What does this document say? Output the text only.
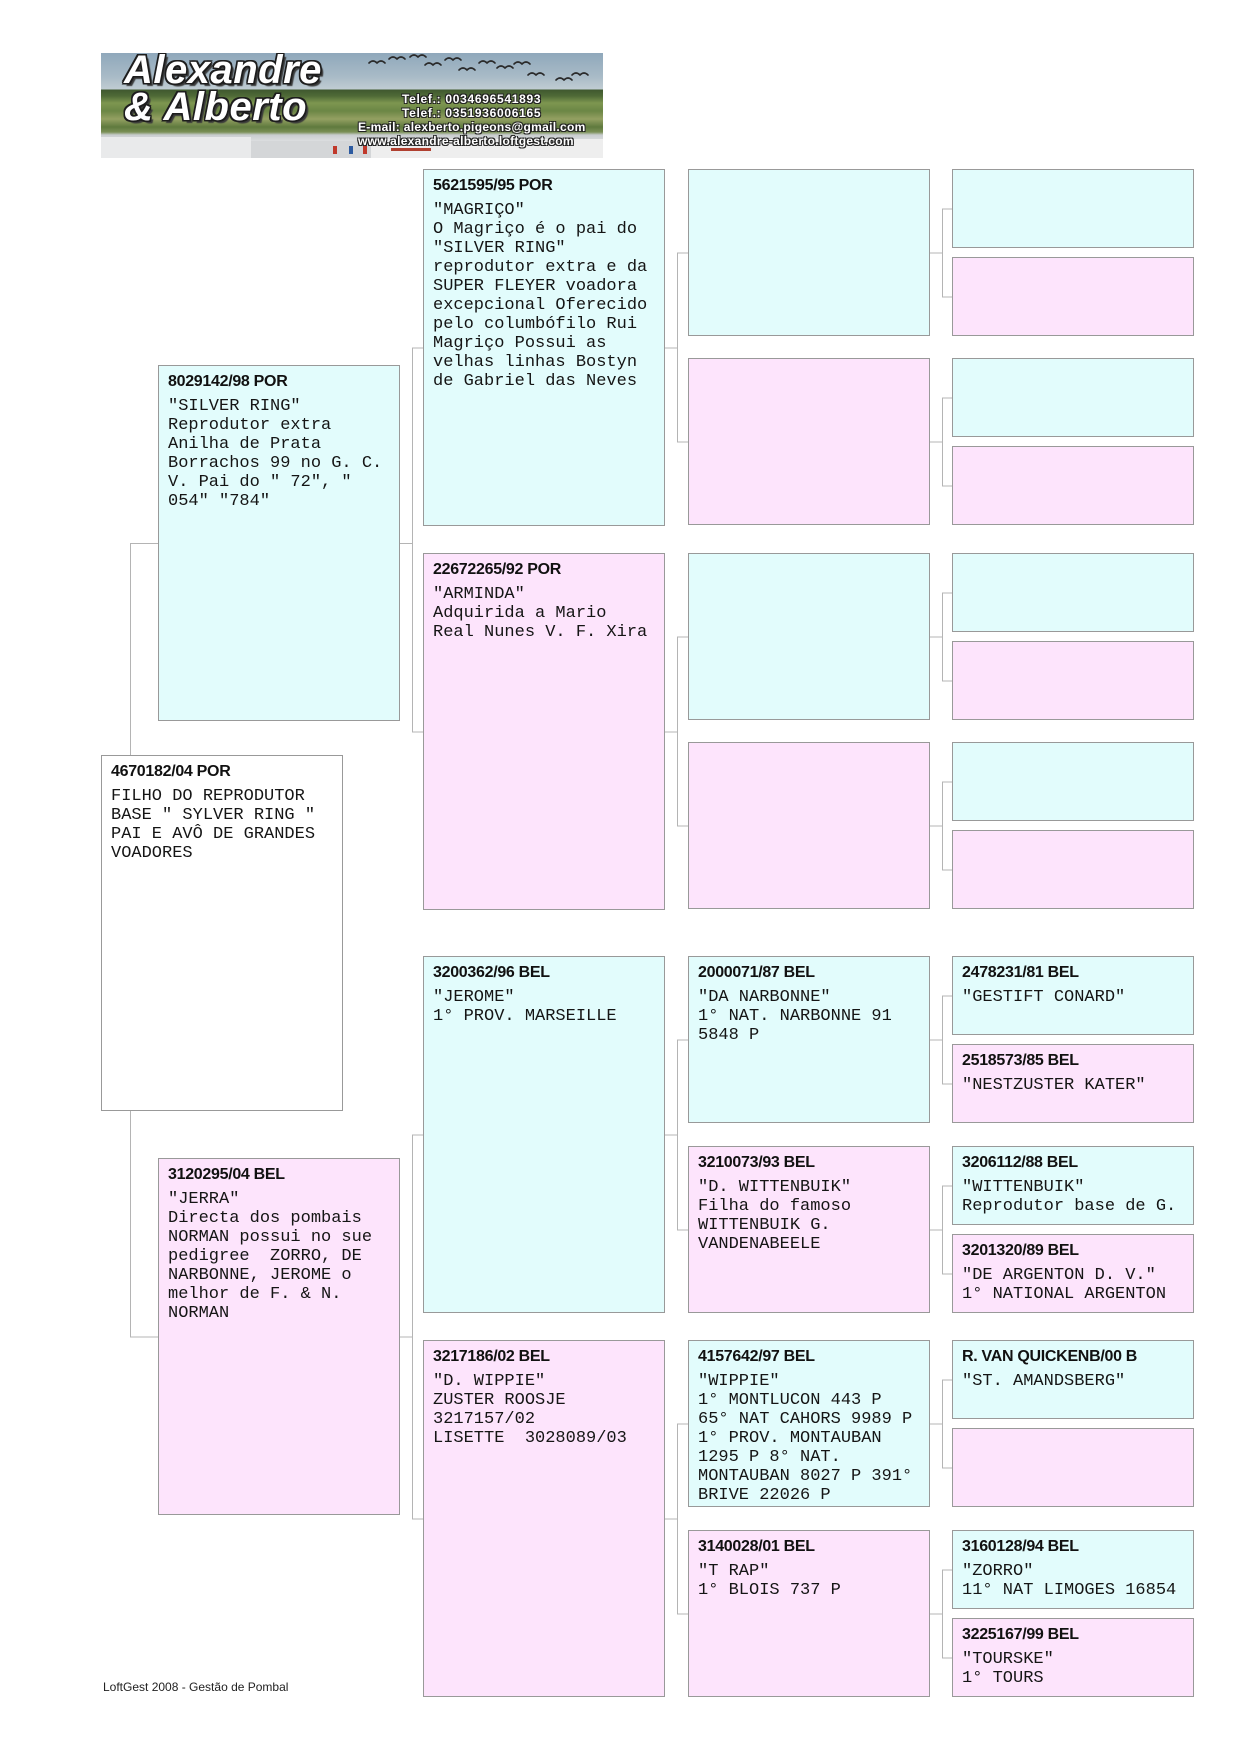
Alexandre
& Alberto	Telef.: 0034696541893
Telef.: 0351936006165
E-mail: alexberto.pigeons@gmail.com
www.alexandre-alberto.loftgest.com
4670182/04 POR
FILHO DO REPRODUTOR
BASE " SYLVER RING "
PAI E AVÔ DE GRANDES
VOADORES
8029142/98 POR
"SILVER RING"
Reprodutor extra
Anilha de Prata
Borrachos 99 no G. C.
V. Pai do " 72", "
054" "784"
3120295/04 BEL
"JERRA"
Directa dos pombais
NORMAN possui no sue
pedigree  ZORRO, DE
NARBONNE, JEROME o
melhor de F. & N.
NORMAN
5621595/95 POR
"MAGRIÇO"
O Magriço é o pai do
"SILVER RING"
reprodutor extra e da
SUPER FLEYER voadora
excepcional Oferecido
pelo columbófilo Rui
Magriço Possui as
velhas linhas Bostyn
de Gabriel das Neves
22672265/92 POR
"ARMINDA"
Adquirida a Mario
Real Nunes V. F. Xira
3200362/96 BEL
"JEROME"
1° PROV. MARSEILLE
3217186/02 BEL
"D. WIPPIE"
ZUSTER ROOSJE
3217157/02
LISETTE  3028089/03
2000071/87 BEL
"DA NARBONNE"
1° NAT. NARBONNE 91
5848 P
3210073/93 BEL
"D. WITTENBUIK"
Filha do famoso
WITTENBUIK G.
VANDENABEELE
4157642/97 BEL
"WIPPIE"
1° MONTLUCON 443 P
65° NAT CAHORS 9989 P
1° PROV. MONTAUBAN
1295 P 8° NAT.
MONTAUBAN 8027 P 391°
BRIVE 22026 P
3140028/01 BEL
"T RAP"
1° BLOIS 737 P
2478231/81 BEL
"GESTIFT CONARD"
2518573/85 BEL
"NESTZUSTER KATER"
3206112/88 BEL
"WITTENBUIK"
Reprodutor base de G.
3201320/89 BEL
"DE ARGENTON D. V."
1° NATIONAL ARGENTON
R. VAN QUICKENB/00 B
"ST. AMANDSBERG"
3160128/94 BEL
"ZORRO"
11° NAT LIMOGES 16854
3225167/99 BEL
"TOURSKE"
1° TOURS
LoftGest 2008 - Gestão de Pombal
